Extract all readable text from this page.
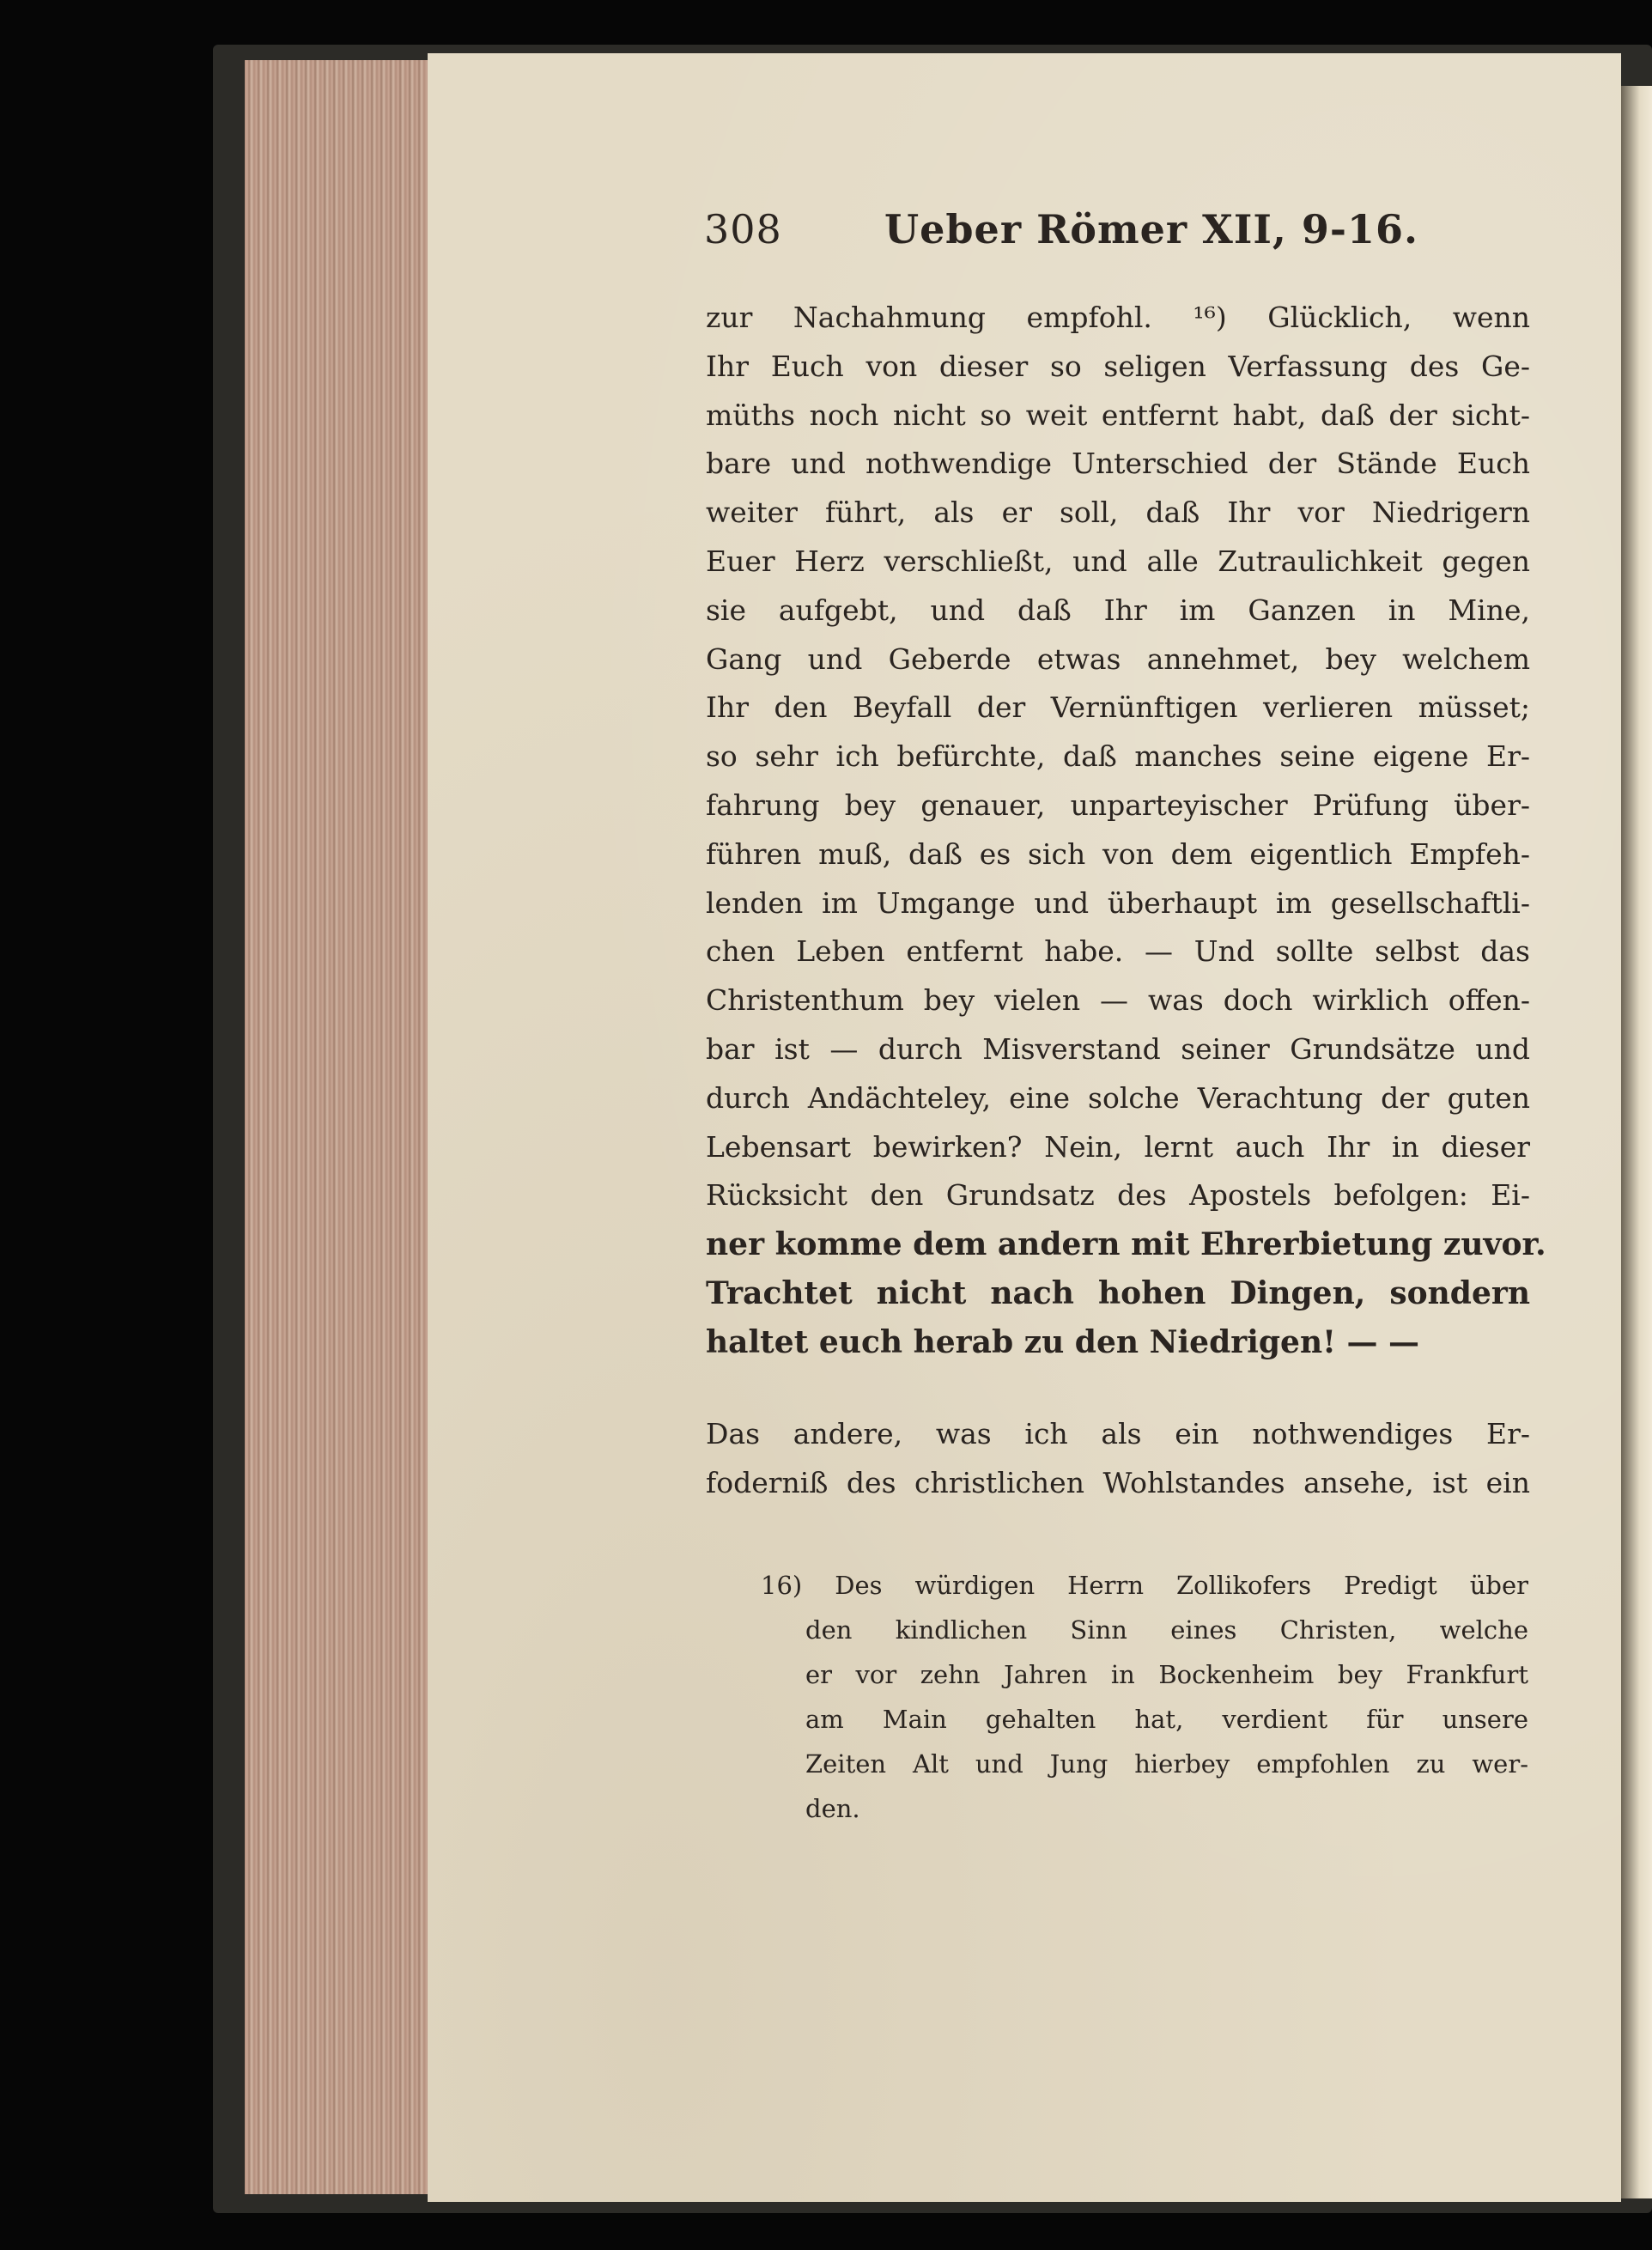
308	Ueber Römer XII, 9-16.
zur Nachahmung empfohl. ¹⁶) Glücklich, wenn
Ihr Euch von dieser so seligen Verfassung des Ge-
müths noch nicht so weit entfernt habt, daß der sicht-
bare und nothwendige Unterschied der Stände Euch
weiter führt, als er soll, daß Ihr vor Niedrigern
Euer Herz verschließt, und alle Zutraulichkeit gegen
sie aufgebt, und daß Ihr im Ganzen in Mine,
Gang und Geberde etwas annehmet, bey welchem
Ihr den Beyfall der Vernünftigen verlieren müsset;
so sehr ich befürchte, daß manches seine eigene Er-
fahrung bey genauer, unparteyischer Prüfung über-
führen muß, daß es sich von dem eigentlich Empfeh-
lenden im Umgange und überhaupt im gesellschaftli-
chen Leben entfernt habe. — Und sollte selbst das
Christenthum bey vielen — was doch wirklich offen-
bar ist — durch Misverstand seiner Grundsätze und
durch Andächteley, eine solche Verachtung der guten
Lebensart bewirken? Nein, lernt auch Ihr in dieser
Rücksicht den Grundsatz des Apostels befolgen: Ei-
ner komme dem andern mit Ehrerbietung zuvor.
Trachtet nicht nach hohen Dingen, sondern
haltet euch herab zu den Niedrigen! — —
Das andere, was ich als ein nothwendiges Er-
foderniß des christlichen Wohlstandes ansehe, ist ein
16) Des würdigen Herrn Zollikofers Predigt über
den kindlichen Sinn eines Christen, welche
er vor zehn Jahren in Bockenheim bey Frankfurt
am Main gehalten hat, verdient für unsere
Zeiten Alt und Jung hierbey empfohlen zu wer-
den.
